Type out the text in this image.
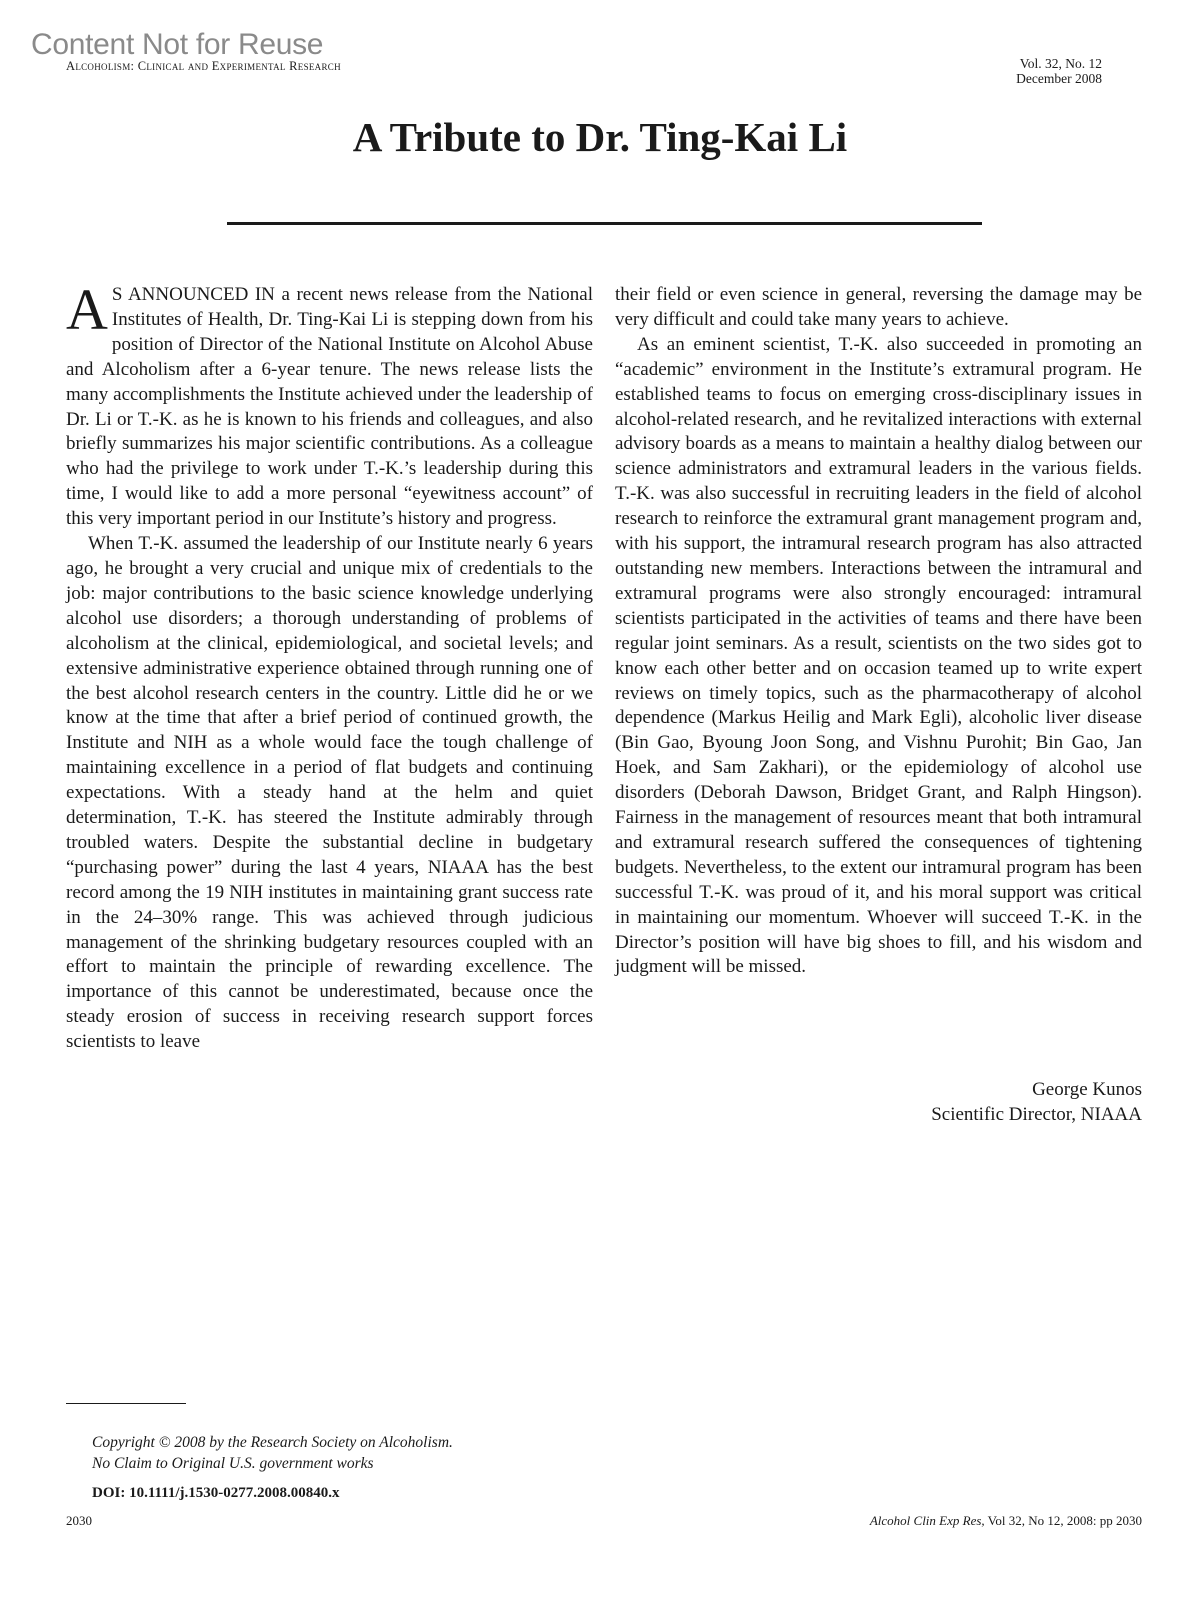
Content Not for Reuse
Alcoholism: Clinical and Experimental Research	Vol. 32, No. 12
December 2008
A Tribute to Dr. Ting-Kai Li

A S ANNOUNCED IN a recent news release from the National Institutes of Health, Dr. Ting-Kai Li is stepping down from his position of Director of the National Institute on Alcohol Abuse and Alcoholism after a 6-year tenure. The news release lists the many accomplishments the Institute achieved under the leadership of Dr. Li or T.-K. as he is known to his friends and colleagues, and also briefly summarizes his major scientific contributions. As a colleague who had the privilege to work under T.-K.’s leadership during this time, I would like to add a more personal “eyewitness account” of this very important period in our Institute’s history and progress.

When T.-K. assumed the leadership of our Institute nearly 6 years ago, he brought a very crucial and unique mix of credentials to the job: major contributions to the basic science knowledge underlying alcohol use disorders; a thorough understanding of problems of alcoholism at the clinical, epidemiological, and societal levels; and extensive administrative experience obtained through running one of the best alcohol research centers in the country. Little did he or we know at the time that after a brief period of continued growth, the Institute and NIH as a whole would face the tough challenge of maintaining excellence in a period of flat budgets and continuing expectations. With a steady hand at the helm and quiet determination, T.-K. has steered the Institute admirably through troubled waters. Despite the substantial decline in budgetary “purchasing power” during the last 4 years, NIAAA has the best record among the 19 NIH institutes in maintaining grant success rate in the 24–30% range. This was achieved through judicious management of the shrinking budgetary resources coupled with an effort to maintain the principle of rewarding excellence. The importance of this cannot be underestimated, because once the steady erosion of success in receiving research support forces scientists to leave

their field or even science in general, reversing the damage may be very difficult and could take many years to achieve.

As an eminent scientist, T.-K. also succeeded in promoting an “academic” environment in the Institute’s extramural program. He established teams to focus on emerging cross-disciplinary issues in alcohol-related research, and he revitalized interactions with external advisory boards as a means to maintain a healthy dialog between our science administrators and extramural leaders in the various fields. T.-K. was also successful in recruiting leaders in the field of alcohol research to reinforce the extramural grant management program and, with his support, the intramural research program has also attracted outstanding new members. Interactions between the intramural and extramural programs were also strongly encouraged: intramural scientists participated in the activities of teams and there have been regular joint seminars. As a result, scientists on the two sides got to know each other better and on occasion teamed up to write expert reviews on timely topics, such as the pharmacotherapy of alcohol dependence (Markus Heilig and Mark Egli), alcoholic liver disease (Bin Gao, Byoung Joon Song, and Vishnu Purohit; Bin Gao, Jan Hoek, and Sam Zakhari), or the epidemiology of alcohol use disorders (Deborah Dawson, Bridget Grant, and Ralph Hingson). Fairness in the management of resources meant that both intramural and extramural research suffered the consequences of tightening budgets. Nevertheless, to the extent our intramural program has been successful T.-K. was proud of it, and his moral support was critical in maintaining our momentum. Whoever will succeed T.-K. in the Director’s position will have big shoes to fill, and his wisdom and judgment will be missed.

George Kunos
Scientific Director, NIAAA
Copyright © 2008 by the Research Society on Alcoholism.
No Claim to Original U.S. government works
DOI: 10.1111/j.1530-0277.2008.00840.x
2030	Alcohol Clin Exp Res, Vol 32, No 12, 2008: pp 2030
